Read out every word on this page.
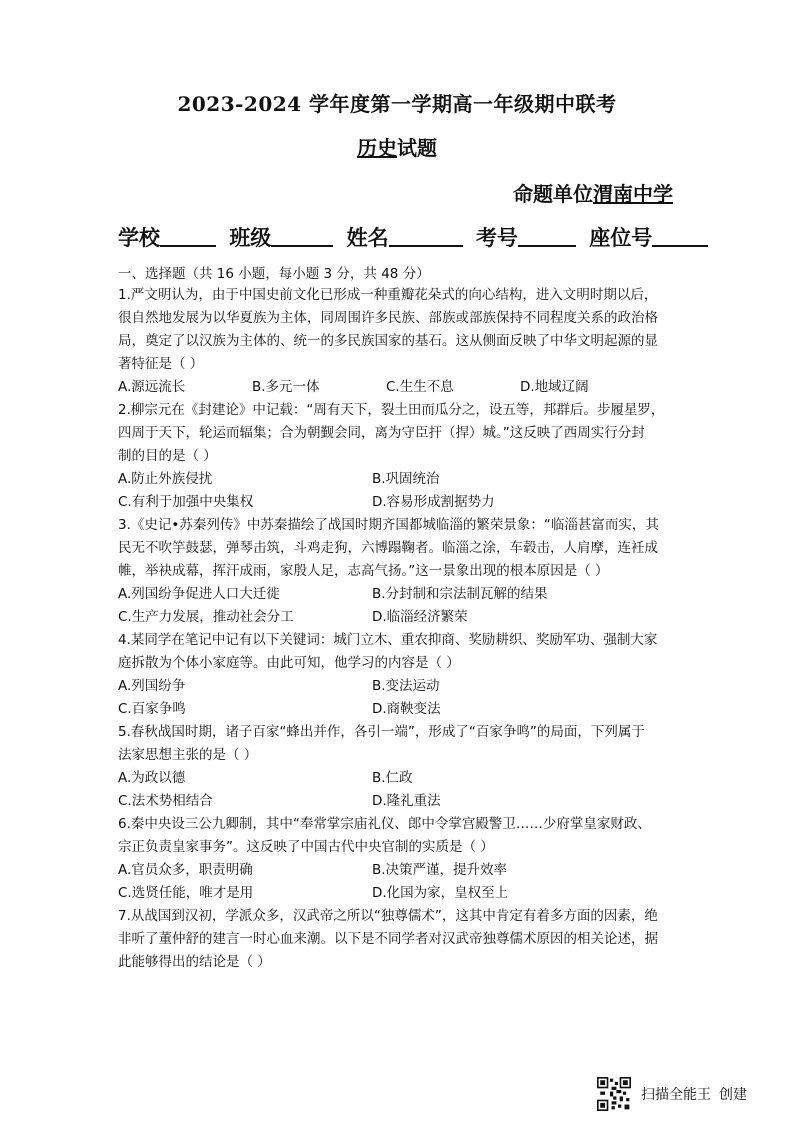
2023-2024 学年度第一学期高一年级期中联考
历史试题
命题单位渭南中学
学校	班级	姓名	考号	座位号
一、选择题（共 16 小题，每小题 3 分，共 48 分）

1.严文明认为，由于中国史前文化已形成一种重瓣花朵式的向心结构，进入文明时期以后，

很自然地发展为以华夏族为主体，同周围许多民族、部族或部族保持不同程度关系的政治格

局，奠定了以汉族为主体的、统一的多民族国家的基石。这从侧面反映了中华文明起源的显

著特征是（ ）

A.源远流长	B.多元一体	C.生生不息	D.地域辽阔

2.柳宗元在《封建论》中记载：“周有天下，裂土田而瓜分之，设五等，邦群后。步履星罗，

四周于天下，轮运而辐集；合为朝觐会同，离为守臣扞（捍）城。”这反映了西周实行分封

制的目的是（ ）

A.防止外族侵扰	B.巩固统治
C.有利于加强中央集权	D.容易形成割据势力

3.《史记•苏秦列传》中苏秦描绘了战国时期齐国都城临淄的繁荣景象：“临淄甚富而实，其

民无不吹竽鼓瑟，弹琴击筑，斗鸡走狗，六博蹋鞠者。临淄之涂，车毂击，人肩摩，连衽成

帷，举袂成幕，挥汗成雨，家殷人足，志高气扬。”这一景象出现的根本原因是（ ）

A.列国纷争促进人口大迁徙	B.分封制和宗法制瓦解的结果
C.生产力发展，推动社会分工	D.临淄经济繁荣

4.某同学在笔记中记有以下关键词：城门立木、重农抑商、奖励耕织、奖励军功、强制大家

庭拆散为个体小家庭等。由此可知，他学习的内容是（ ）

A.列国纷争	B.变法运动
C.百家争鸣	D.商鞅变法

5.春秋战国时期，诸子百家“蜂出并作，各引一端”，形成了“百家争鸣”的局面，下列属于

法家思想主张的是（ ）

A.为政以德	B.仁政
C.法术势相结合	D.隆礼重法

6.秦中央设三公九卿制，其中“奉常掌宗庙礼仪、郎中令掌宫殿警卫……少府掌皇家财政、

宗正负责皇家事务”。这反映了中国古代中央官制的实质是（ ）

A.官员众多，职责明确	B.决策严谨，提升效率
C.选贤任能，唯才是用	D.化国为家，皇权至上

7.从战国到汉初，学派众多，汉武帝之所以“独尊儒术”，这其中肯定有着多方面的因素，绝

非听了董仲舒的建言一时心血来潮。以下是不同学者对汉武帝独尊儒术原因的相关论述，据

此能够得出的结论是（ ）

扫描全能王 创建
